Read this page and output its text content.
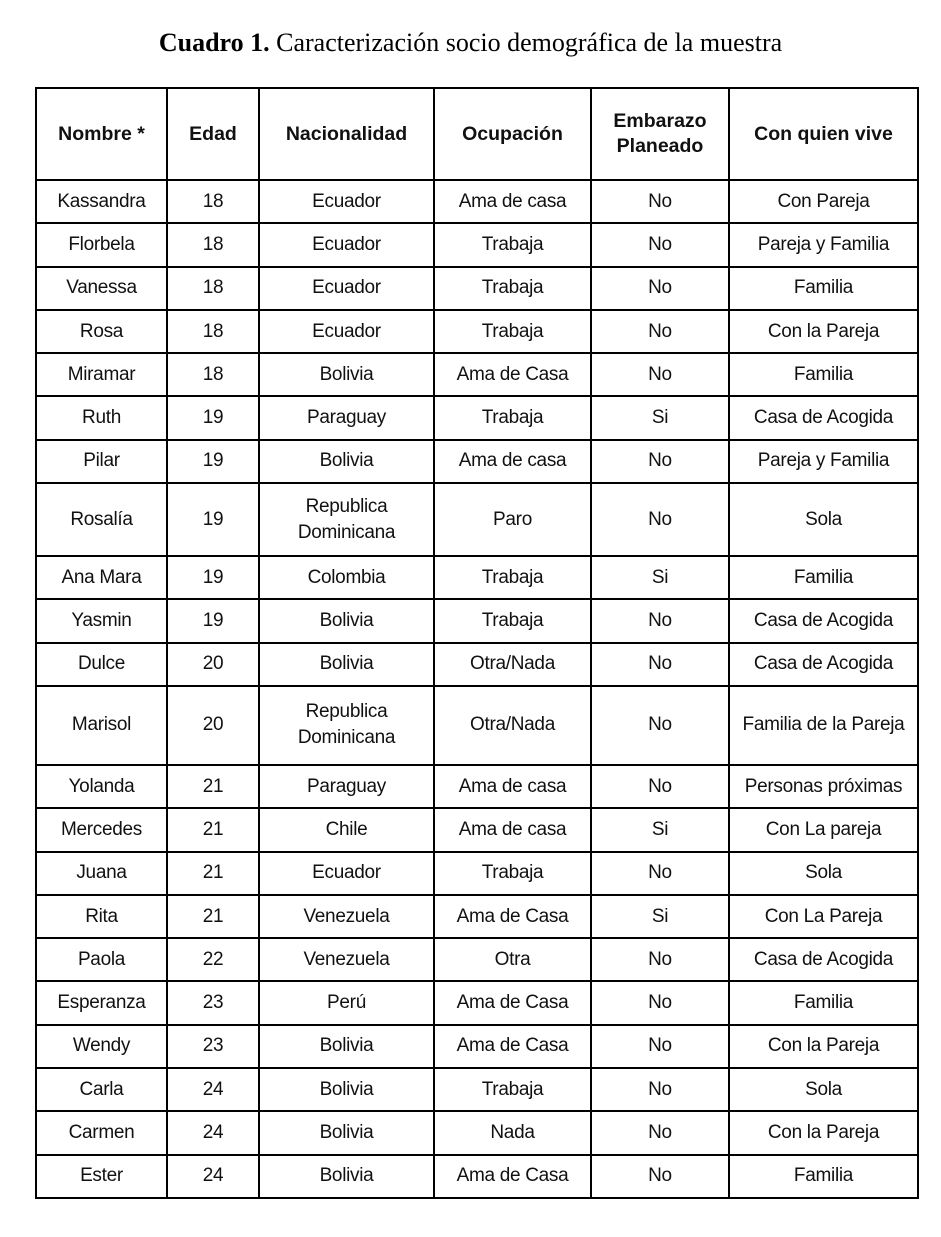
Cuadro 1. Caracterización socio demográfica de la muestra
Nombre *	Edad	Nacionalidad	Ocupación	Embarazo Planeado	Con quien vive
Kassandra	18	Ecuador	Ama de casa	No	Con Pareja
Florbela	18	Ecuador	Trabaja	No	Pareja y Familia
Vanessa	18	Ecuador	Trabaja	No	Familia
Rosa	18	Ecuador	Trabaja	No	Con la Pareja
Miramar	18	Bolivia	Ama de Casa	No	Familia
Ruth	19	Paraguay	Trabaja	Si	Casa de Acogida
Pilar	19	Bolivia	Ama de casa	No	Pareja y Familia
Rosalía	19	Republica Dominicana	Paro	No	Sola
Ana Mara	19	Colombia	Trabaja	Si	Familia
Yasmin	19	Bolivia	Trabaja	No	Casa de Acogida
Dulce	20	Bolivia	Otra/Nada	No	Casa de Acogida
Marisol	20	Republica Dominicana	Otra/Nada	No	Familia de la Pareja
Yolanda	21	Paraguay	Ama de casa	No	Personas próximas
Mercedes	21	Chile	Ama de casa	Si	Con La pareja
Juana	21	Ecuador	Trabaja	No	Sola
Rita	21	Venezuela	Ama de Casa	Si	Con La Pareja
Paola	22	Venezuela	Otra	No	Casa de Acogida
Esperanza	23	Perú	Ama de Casa	No	Familia
Wendy	23	Bolivia	Ama de Casa	No	Con la Pareja
Carla	24	Bolivia	Trabaja	No	Sola
Carmen	24	Bolivia	Nada	No	Con la Pareja
Ester	24	Bolivia	Ama de Casa	No	Familia
